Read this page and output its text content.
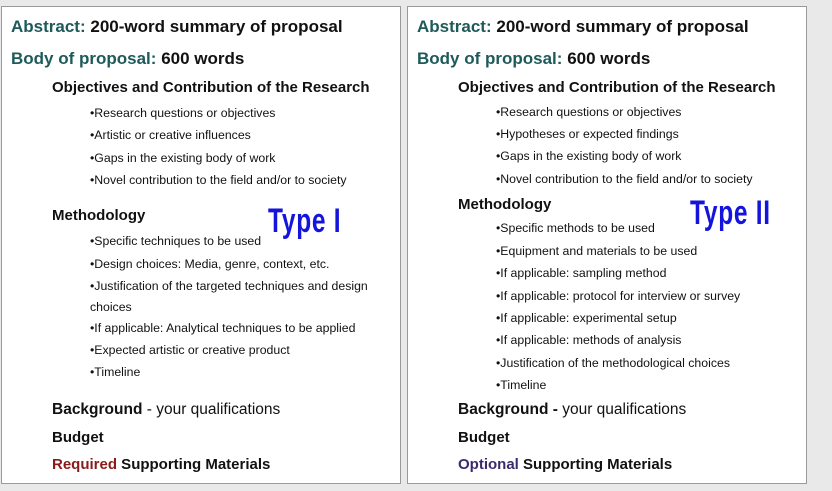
Abstract: 200-word summary of proposal
Body of proposal: 600 words
Objectives and Contribution of the Research
•Research questions or objectives
•Artistic or creative influences
•Gaps in the existing body of work
•Novel contribution to the field and/or to society
Methodology	Type I
•Specific techniques to be used
•Design choices: Media, genre, context, etc.
•Justification of the targeted techniques and design choices
•If applicable: Analytical techniques to be applied
•Expected artistic or creative product
•Timeline
Background - your qualifications
Budget
Required Supporting Materials
Abstract: 200-word summary of proposal
Body of proposal: 600 words
Objectives and Contribution of the Research
•Research questions or objectives
•Hypotheses or expected findings
•Gaps in the existing body of work
•Novel contribution to the field and/or to society
Methodology	Type II
•Specific methods to be used
•Equipment and materials to be used
•If applicable: sampling method
•If applicable: protocol for interview or survey
•If applicable: experimental setup
•If applicable: methods of analysis
•Justification of the methodological choices
•Timeline
Background - your qualifications
Budget
Optional Supporting Materials
